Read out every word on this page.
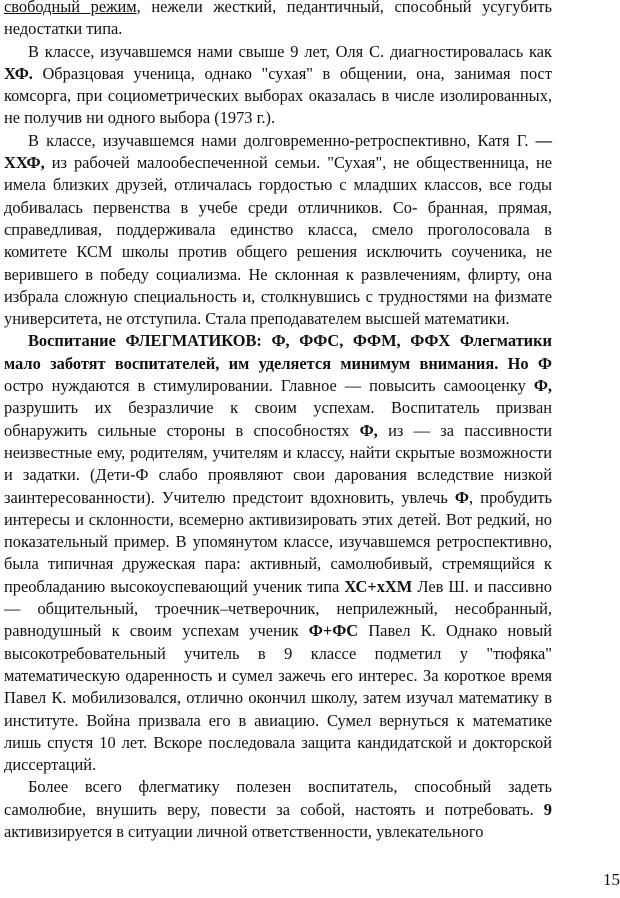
свободный режим, нежели жесткий, педантичный, способный усугубить недостатки типа.

В классе, изучавшемся нами свыше 9 лет, Оля С. диагностировалась как ХФ. Образцовая ученица, однако "сухая" в общении, она, занимая пост комсорга, при социометрических выборах оказалась в числе изолированных, не получив ни одного выбора (1973 г.).

В классе, изучавшемся нами долговременно-ретроспективно, Катя Г. — ХХФ, из рабочей малообеспеченной семьи. "Сухая", не общественница, не имела близких друзей, отличалась гордостью с младших классов, все годы добивалась первенства в учебе среди отличников. Со- бранная, прямая, справедливая, поддерживала единство класса, смело проголосовала в комитете КСМ школы против общего решения исключить соученика, не верившего в победу социализма. Не склонная к развлечениям, флирту, она избрала сложную специальность и, столкнувшись с трудностями на физмате университета, не отступила. Стала преподавателем высшей математики.

Воспитание ФЛЕГМАТИКОВ: Ф, ФФС, ФФМ, ФФХ Флегматики мало заботят воспитателей, им уделяется минимум внимания. Но Ф остро нуждаются в стимулировании. Главное — повысить самооценку Ф, разрушить их безразличие к своим успехам. Воспитатель призван обнаружить сильные стороны в способностях Ф, из — за пассивности неизвестные ему, родителям, учителям и классу, найти скрытые возможности и задатки. (Дети-Ф слабо проявляют свои дарования вследствие низкой заинтересованности). Учителю предстоит вдохновить, увлечь Ф, пробудить интересы и склонности, всемерно активизировать этих детей. Вот редкий, но показательный пример. В упомянутом классе, изучавшемся ретроспективно, была типичная дружеская пара: активный, самолюбивый, стремящийся к преобладанию высокоуспевающий ученик типа ХС+хХМ Лев Ш. и пассивно — общительный, троечник–четверочник, неприлежный, несобранный, равнодушный к своим успехам ученик Ф+ФС Павел К. Однако новый высокотребовательный учитель в 9 классе подметил у "тюфяка" математическую одаренность и сумел зажечь его интерес. За короткое время Павел К. мобилизовался, отлично окончил школу, затем изучал математику в институте. Война призвала его в авиацию. Сумел вернуться к математике лишь спустя 10 лет. Вскоре последовала защита кандидатской и докторской диссертаций.

Более всего флегматику полезен воспитатель, способный задеть самолюбие, внушить веру, повести за собой, настоять и потребовать. 9 активизируется в ситуации личной ответственности, увлекательного

15
